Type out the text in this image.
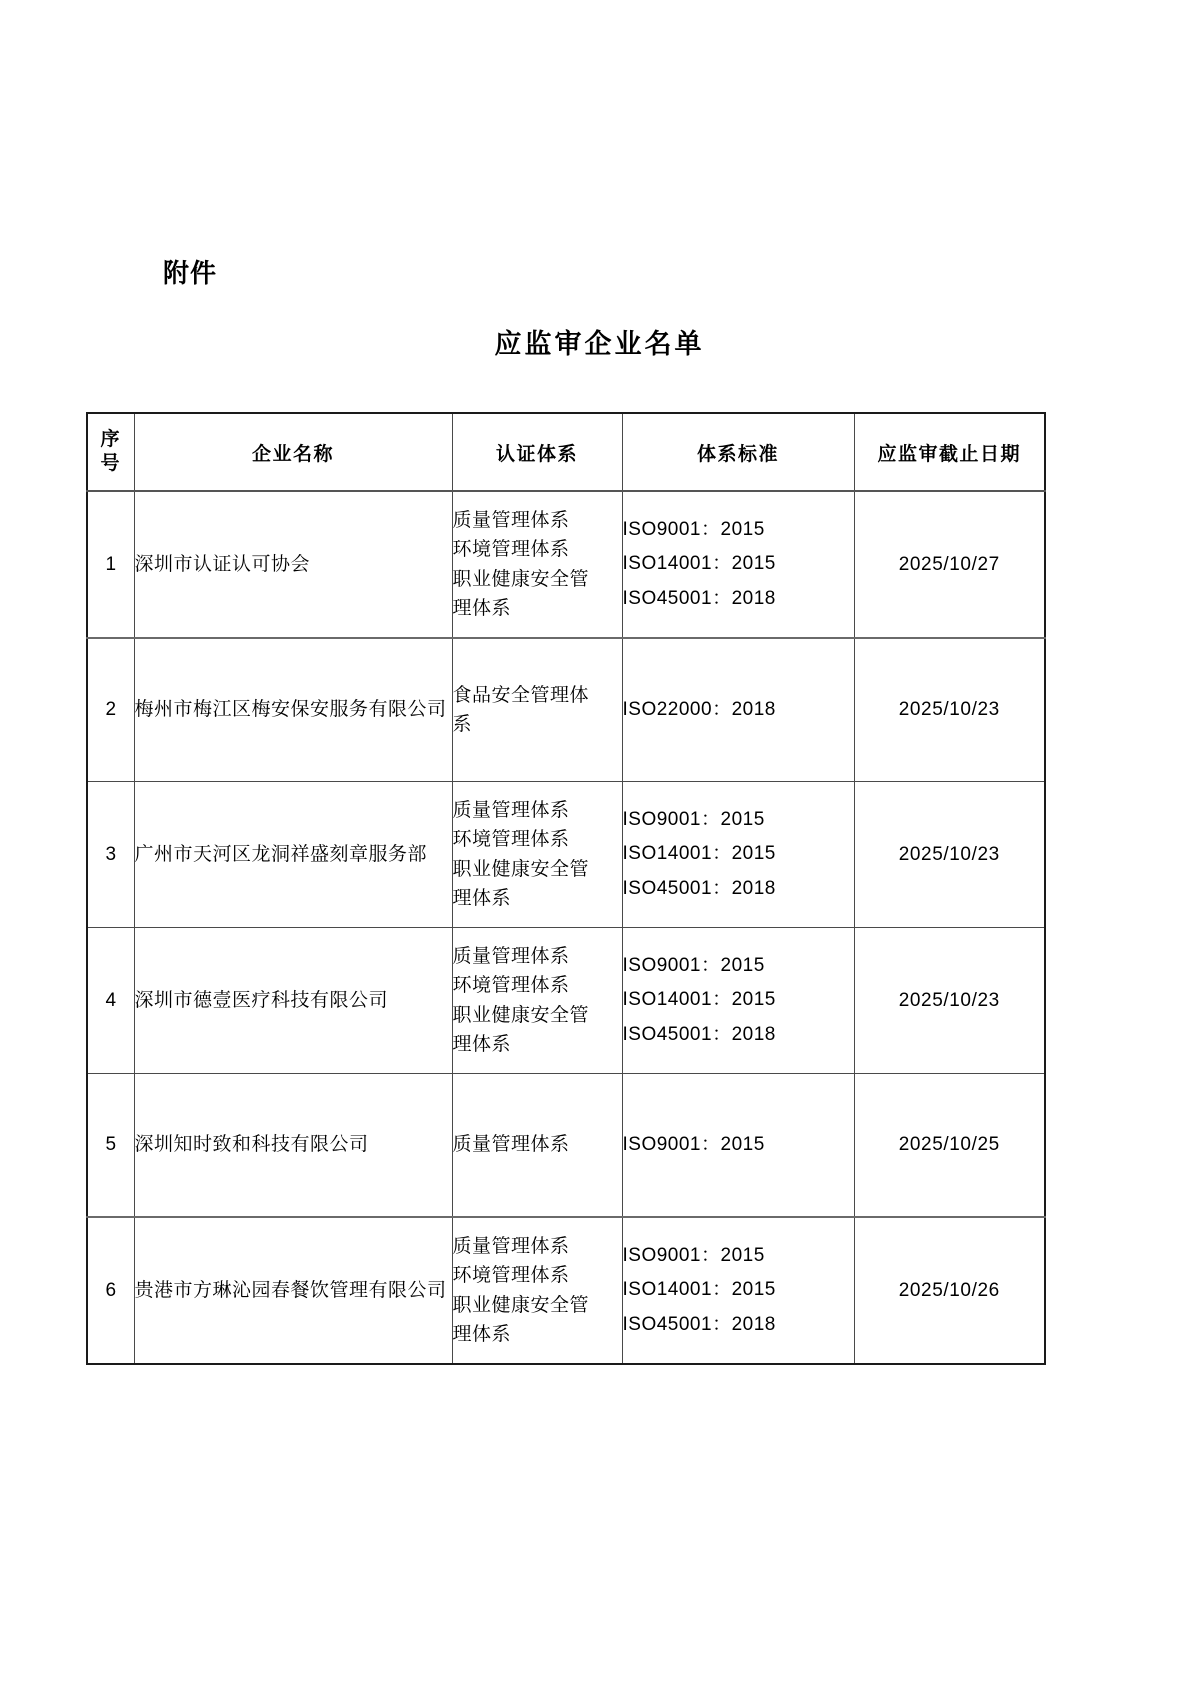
附件
应监审企业名单
序
号	企业名称	认证体系	体系标准	应监审截止日期
1	深圳市认证认可协会	质量管理体系
环境管理体系
职业健康安全管
理体系	ISO9001：2015
ISO14001：2015
ISO45001：2018	2025/10/27
2	梅州市梅江区梅安保安服务有限公司	食品安全管理体
系	ISO22000：2018	2025/10/23
3	广州市天河区龙洞祥盛刻章服务部	质量管理体系
环境管理体系
职业健康安全管
理体系	ISO9001：2015
ISO14001：2015
ISO45001：2018	2025/10/23
4	深圳市德壹医疗科技有限公司	质量管理体系
环境管理体系
职业健康安全管
理体系	ISO9001：2015
ISO14001：2015
ISO45001：2018	2025/10/23
5	深圳知时致和科技有限公司	质量管理体系	ISO9001：2015	2025/10/25
6	贵港市方琳沁园春餐饮管理有限公司	质量管理体系
环境管理体系
职业健康安全管
理体系	ISO9001：2015
ISO14001：2015
ISO45001：2018	2025/10/26
